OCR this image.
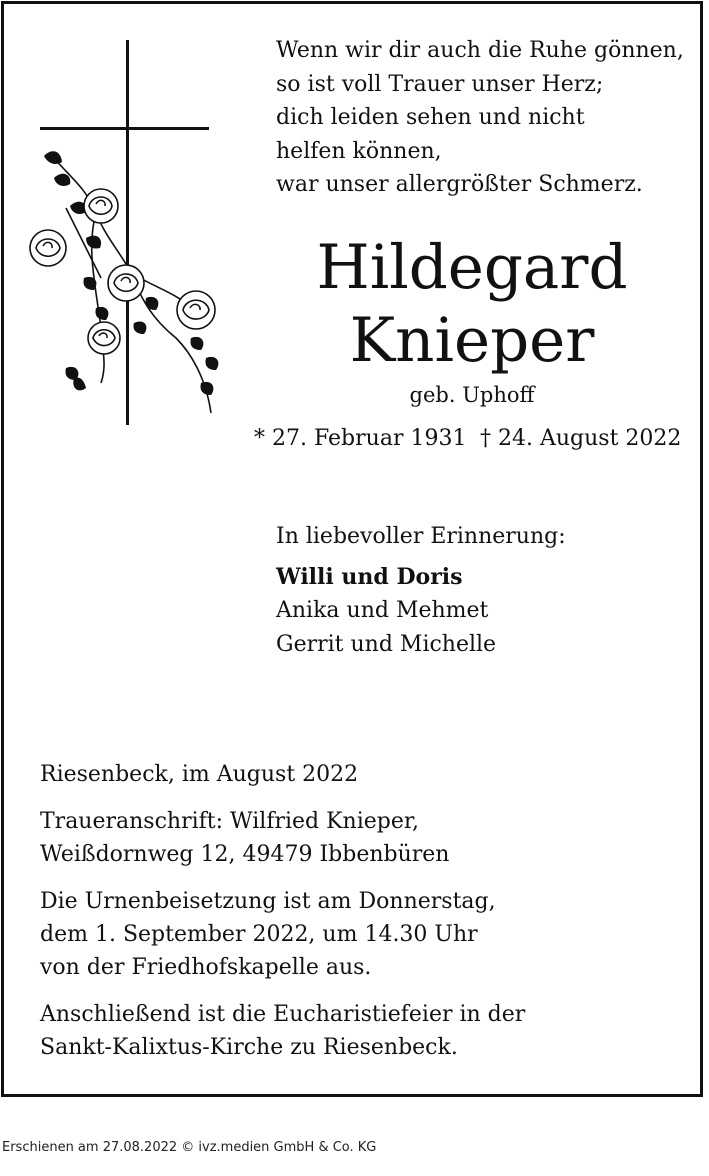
Wenn wir dir auch die Ruhe gönnen,
so ist voll Trauer unser Herz;
dich leiden sehen und nicht
helfen können,
war unser allergrößter Schmerz.
Hildegard
Knieper
geb. Uphoff
* 27. Februar 1931 † 24. August 2022
In liebevoller Erinnerung:
Willi und Doris
Anika und Mehmet
Gerrit und Michelle

Riesenbeck, im August 2022

Traueranschrift: Wilfried Knieper,
Weißdornweg 12, 49479 Ibbenbüren

Die Urnenbeisetzung ist am Donnerstag,
dem 1. September 2022, um 14.30 Uhr
von der Friedhofskapelle aus.

Anschließend ist die Eucharistiefeier in der
Sankt-Kalixtus-Kirche zu Riesenbeck.

Erschienen am 27.08.2022 © ivz.medien GmbH & Co. KG
